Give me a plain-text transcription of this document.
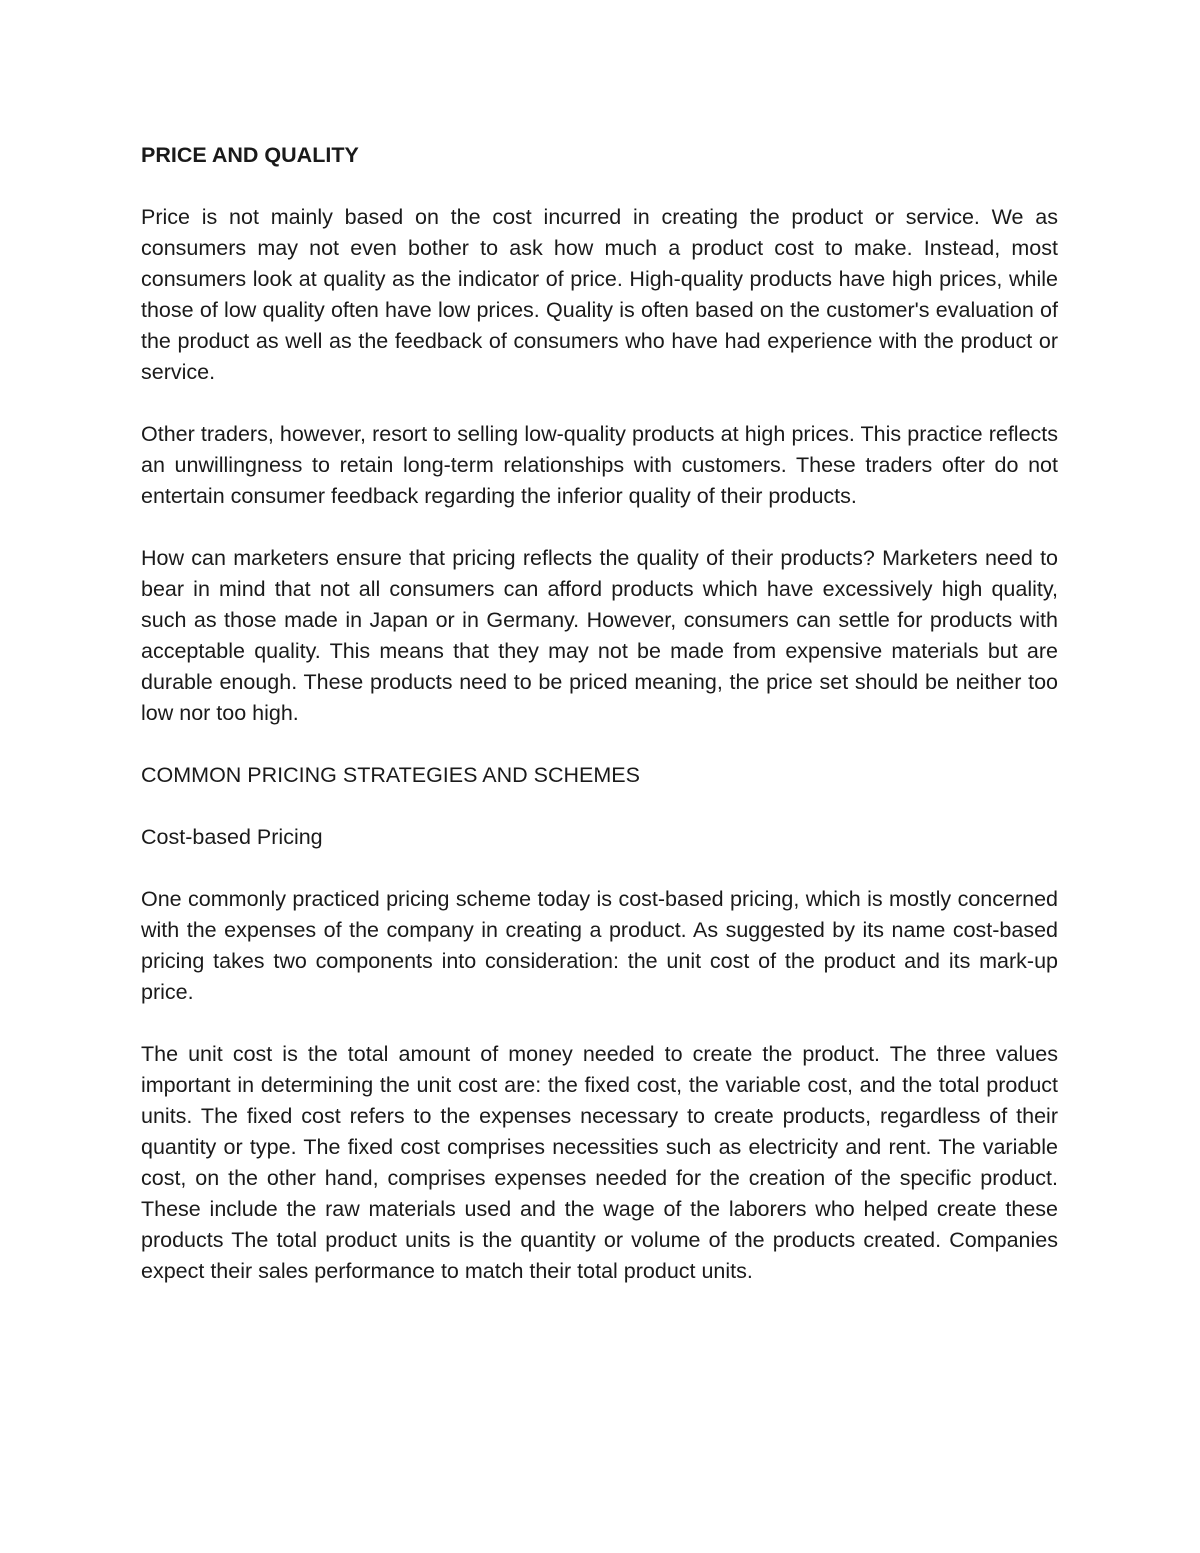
PRICE AND QUALITY

Price is not mainly based on the cost incurred in creating the product or service. We as consumers may not even bother to ask how much a product cost to make. Instead, most consumers look at quality as the indicator of price. High-quality products have high prices, while those of low quality often have low prices. Quality is often based on the customer's evaluation of the product as well as the feedback of consumers who have had experience with the product or service.

Other traders, however, resort to selling low-quality products at high prices. This practice reflects an unwillingness to retain long-term relationships with customers. These traders ofter do not entertain consumer feedback regarding the inferior quality of their products.

How can marketers ensure that pricing reflects the quality of their products? Marketers need to bear in mind that not all consumers can afford products which have excessively high quality, such as those made in Japan or in Germany. However, consumers can settle for products with acceptable quality. This means that they may not be made from expensive materials but are durable enough. These products need to be priced meaning, the price set should be neither too low nor too high.

COMMON PRICING STRATEGIES AND SCHEMES

Cost-based Pricing

One commonly practiced pricing scheme today is cost-based pricing, which is mostly concerned with the expenses of the company in creating a product. As suggested by its name cost-based pricing takes two components into consideration: the unit cost of the product and its mark-up price.

The unit cost is the total amount of money needed to create the product. The three values important in determining the unit cost are: the fixed cost, the variable cost, and the total product units. The fixed cost refers to the expenses necessary to create products, regardless of their quantity or type. The fixed cost comprises necessities such as electricity and rent. The variable cost, on the other hand, comprises expenses needed for the creation of the specific product. These include the raw materials used and the wage of the laborers who helped create these products The total product units is the quantity or volume of the products created. Companies expect their sales performance to match their total product units.
